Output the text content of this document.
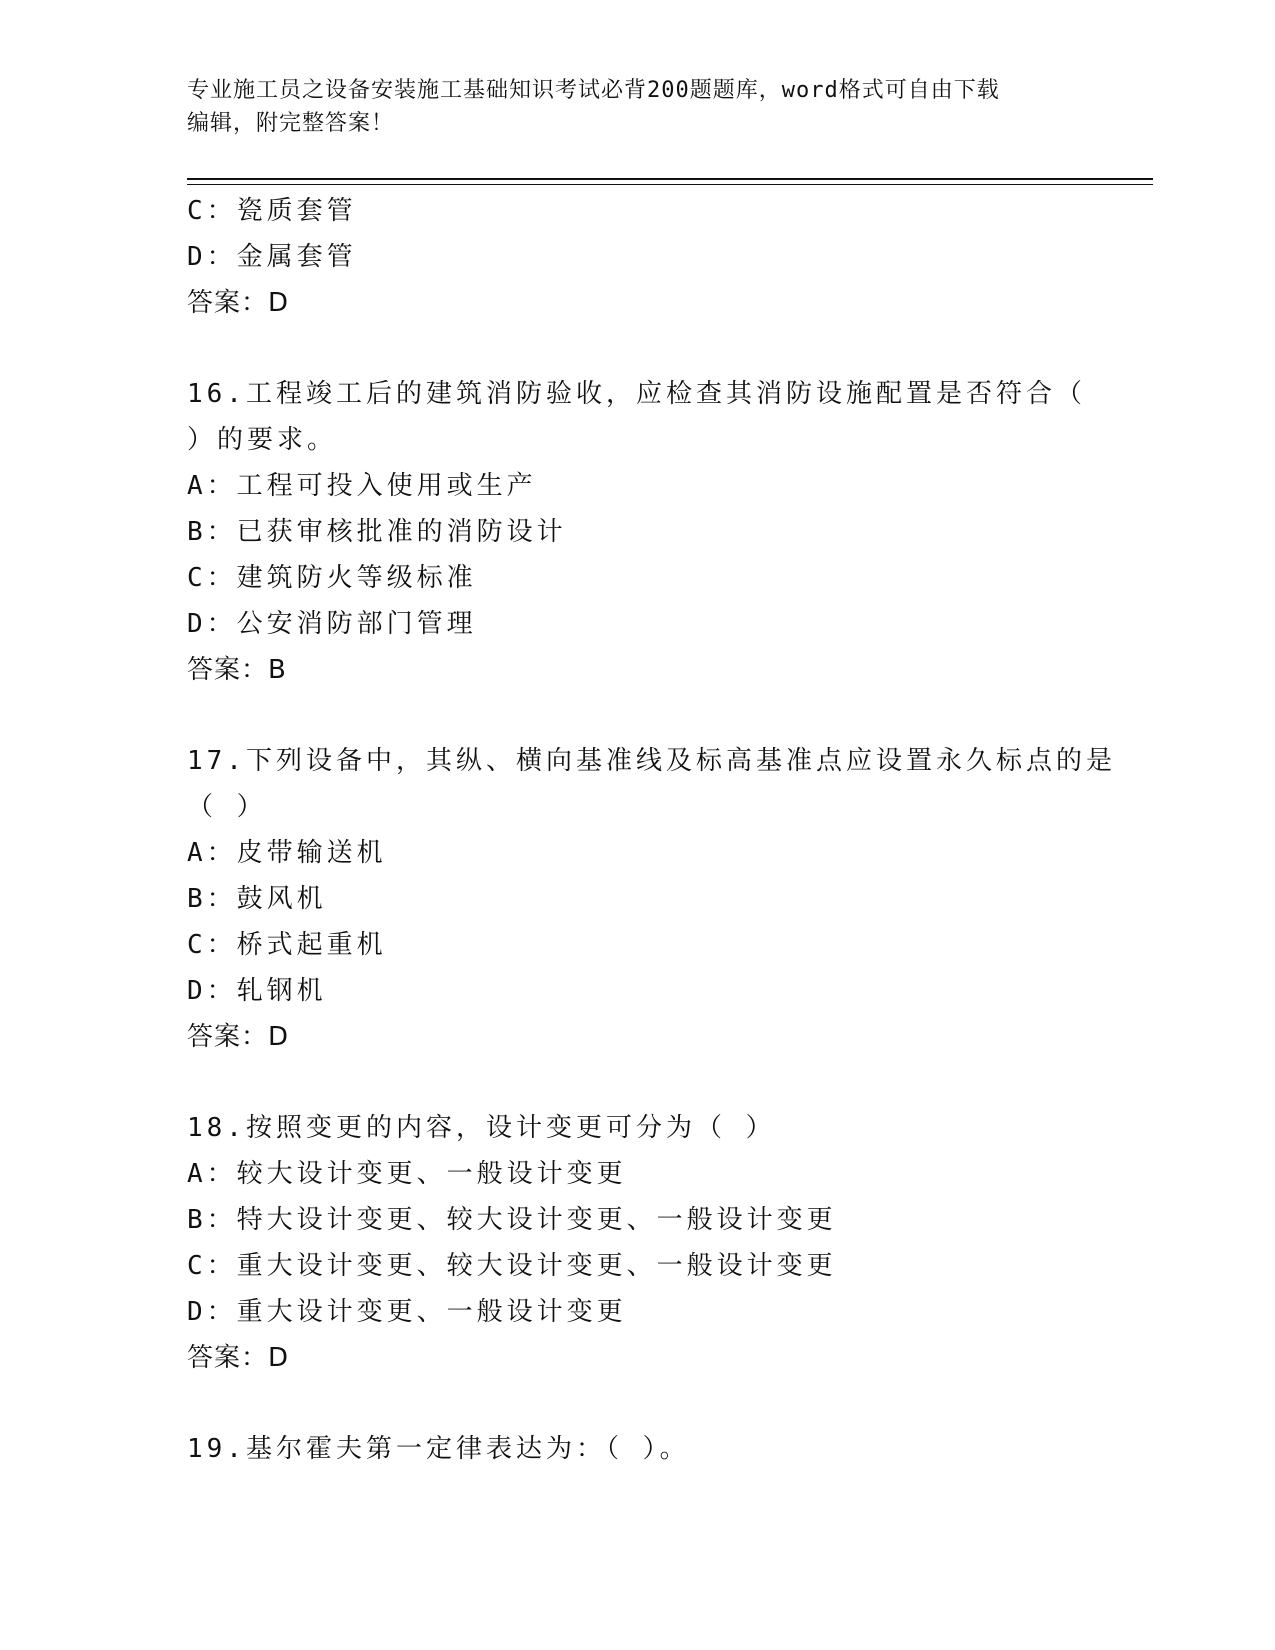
专业施工员之设备安装施工基础知识考试必背200题题库，word格式可自由下载
编辑，附完整答案！
C：瓷质套管
D：金属套管
答案：D
16.工程竣工后的建筑消防验收，应检查其消防设施配置是否符合（
）的要求。
A：工程可投入使用或生产
B：已获审核批准的消防设计
C：建筑防火等级标准
D：公安消防部门管理
答案：B
17.下列设备中，其纵、横向基准线及标高基准点应设置永久标点的是
（ ）
A：皮带输送机
B：鼓风机
C：桥式起重机
D：轧钢机
答案：D
18.按照变更的内容，设计变更可分为（ ）
A：较大设计变更、一般设计变更
B：特大设计变更、较大设计变更、一般设计变更
C：重大设计变更、较大设计变更、一般设计变更
D：重大设计变更、一般设计变更
答案：D
19.基尔霍夫第一定律表达为：（ ）。
